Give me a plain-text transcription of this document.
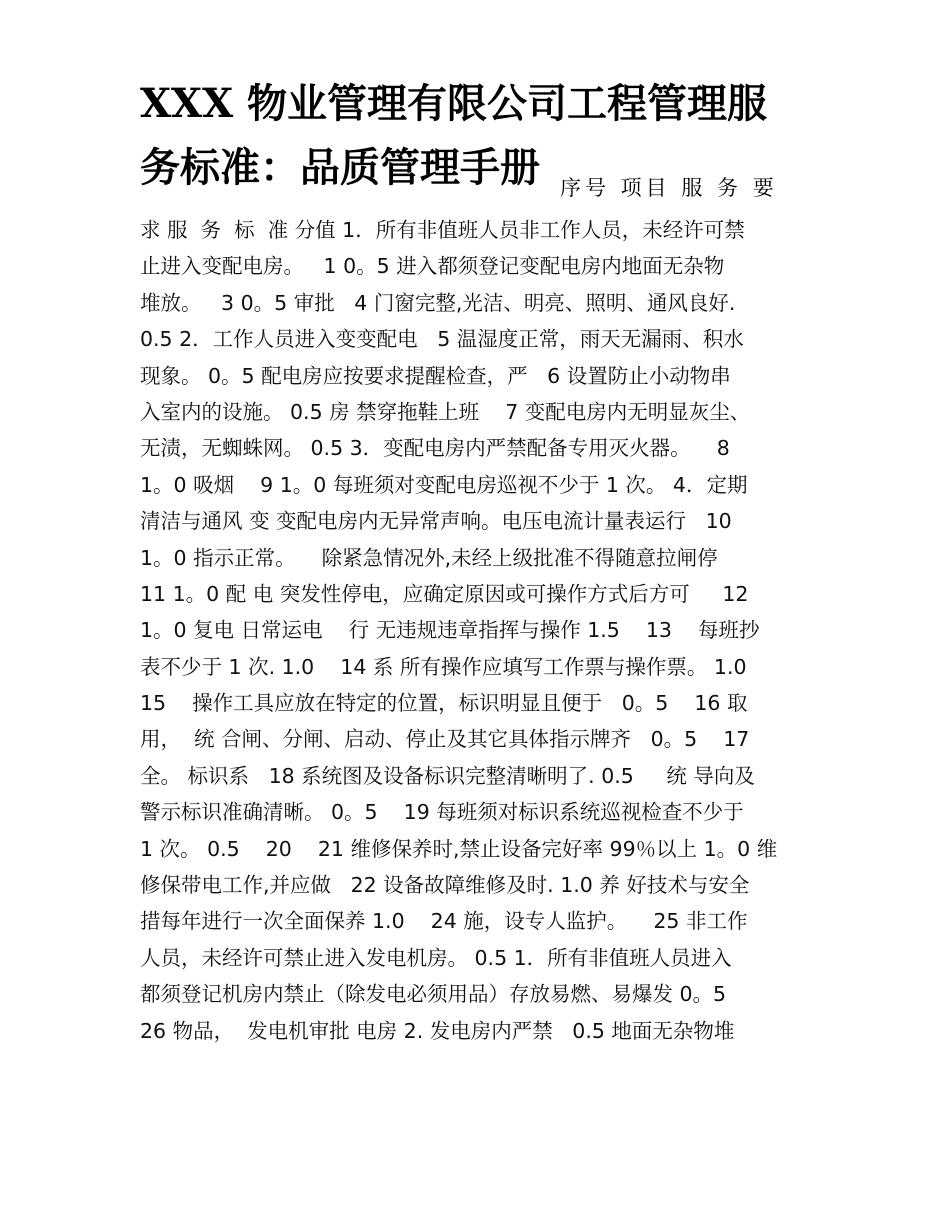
XXX 物业管理有限公司工程管理服
务标准：品质管理手册 $_{序号 项目 服 务 要}$
求 服  务  标  准 分值 1．所有非值班人员非工作人员，未经许可禁
止进入变配电房。   1 0。5 进入都须登记变配电房内地面无杂物
堆放。   3 0。5 审批   4 门窗完整,光洁、明亮、照明、通风良好.
0.5 2．工作人员进入变变配电   5 温湿度正常，雨天无漏雨、积水
现象。 0。5 配电房应按要求提醒检查，严   6 设置防止小动物串
入室内的设施。 0.5 房 禁穿拖鞋上班    7 变配电房内无明显灰尘、
无渍，无蜘蛛网。 0.5 3．变配电房内严禁配备专用灭火器。    8
1。0 吸烟    9 1。0 每班须对变配电房巡视不少于 1 次。 4．定期
清洁与通风 变 变配电房内无异常声响。电压电流计量表运行   10
1。0 指示正常。    除紧急情况外,未经上级批准不得随意拉闸停
11 1。0 配 电 突发性停电，应确定原因或可操作方式后方可     12
1。0 复电 日常运电    行 无违规违章指挥与操作 1.5    13    每班抄
表不少于 1 次. 1.0    14 系 所有操作应填写工作票与操作票。 1.0
15    操作工具应放在特定的位置，标识明显且便于   0。5    16 取
用，  统 合闸、分闸、启动、停止及其它具体指示牌齐   0。5    17
全。 标识系   18 系统图及设备标识完整清晰明了. 0.5     统 导向及
警示标识准确清晰。 0。5    19 每班须对标识系统巡视检查不少于
1 次。 0.5    20    21 维修保养时,禁止设备完好率 99％以上 1。0 维
修保带电工作,并应做   22 设备故障维修及时. 1.0 养 好技术与安全
措每年进行一次全面保养 1.0    24 施，设专人监护。    25 非工作
人员，未经许可禁止进入发电机房。 0.5 1．所有非值班人员进入
都须登记机房内禁止（除发电必须用品）存放易燃、易爆发 0。5
26 物品，  发电机审批 电房 2. 发电房内严禁   0.5 地面无杂物堆
